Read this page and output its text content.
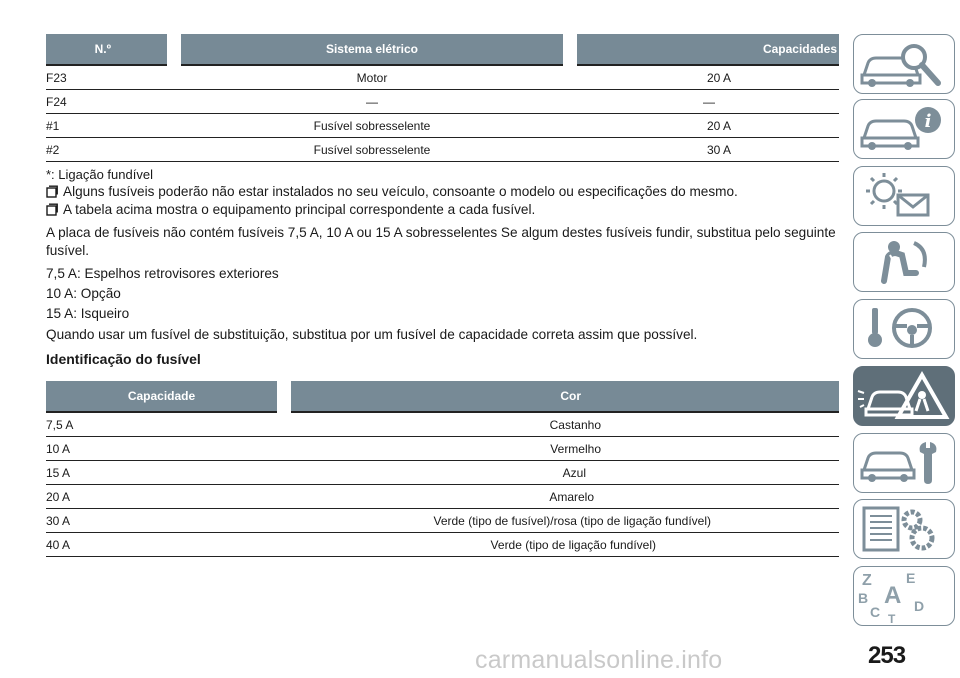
N.º	Sistema elétrico	Capacidades
F23	Motor	20 A
F24	—	—
#1	Fusível sobresselente	20 A
#2	Fusível sobresselente	30 A
*: Ligação fundível
Alguns fusíveis poderão não estar instalados no seu veículo, consoante o modelo ou especificações do mesmo.
A tabela acima mostra o equipamento principal correspondente a cada fusível.
A placa de fusíveis não contém fusíveis 7,5 A, 10 A ou 15 A sobresselentes Se algum destes fusíveis fundir, substitua pelo seguinte fusível.
7,5 A: Espelhos retrovisores exteriores
10 A: Opção
15 A: Isqueiro
Quando usar um fusível de substituição, substitua por um fusível de capacidade correta assim que possível.
Identificação do fusível
Capacidade	Cor
7,5 A	Castanho
10 A	Vermelho
15 A	Azul
20 A	Amarelo
30 A	Verde (tipo de fusível)/rosa (tipo de ligação fundível)
40 A	Verde (tipo de ligação fundível)
i
Z E
B A
C T
D
carmanualsonline.info	253
